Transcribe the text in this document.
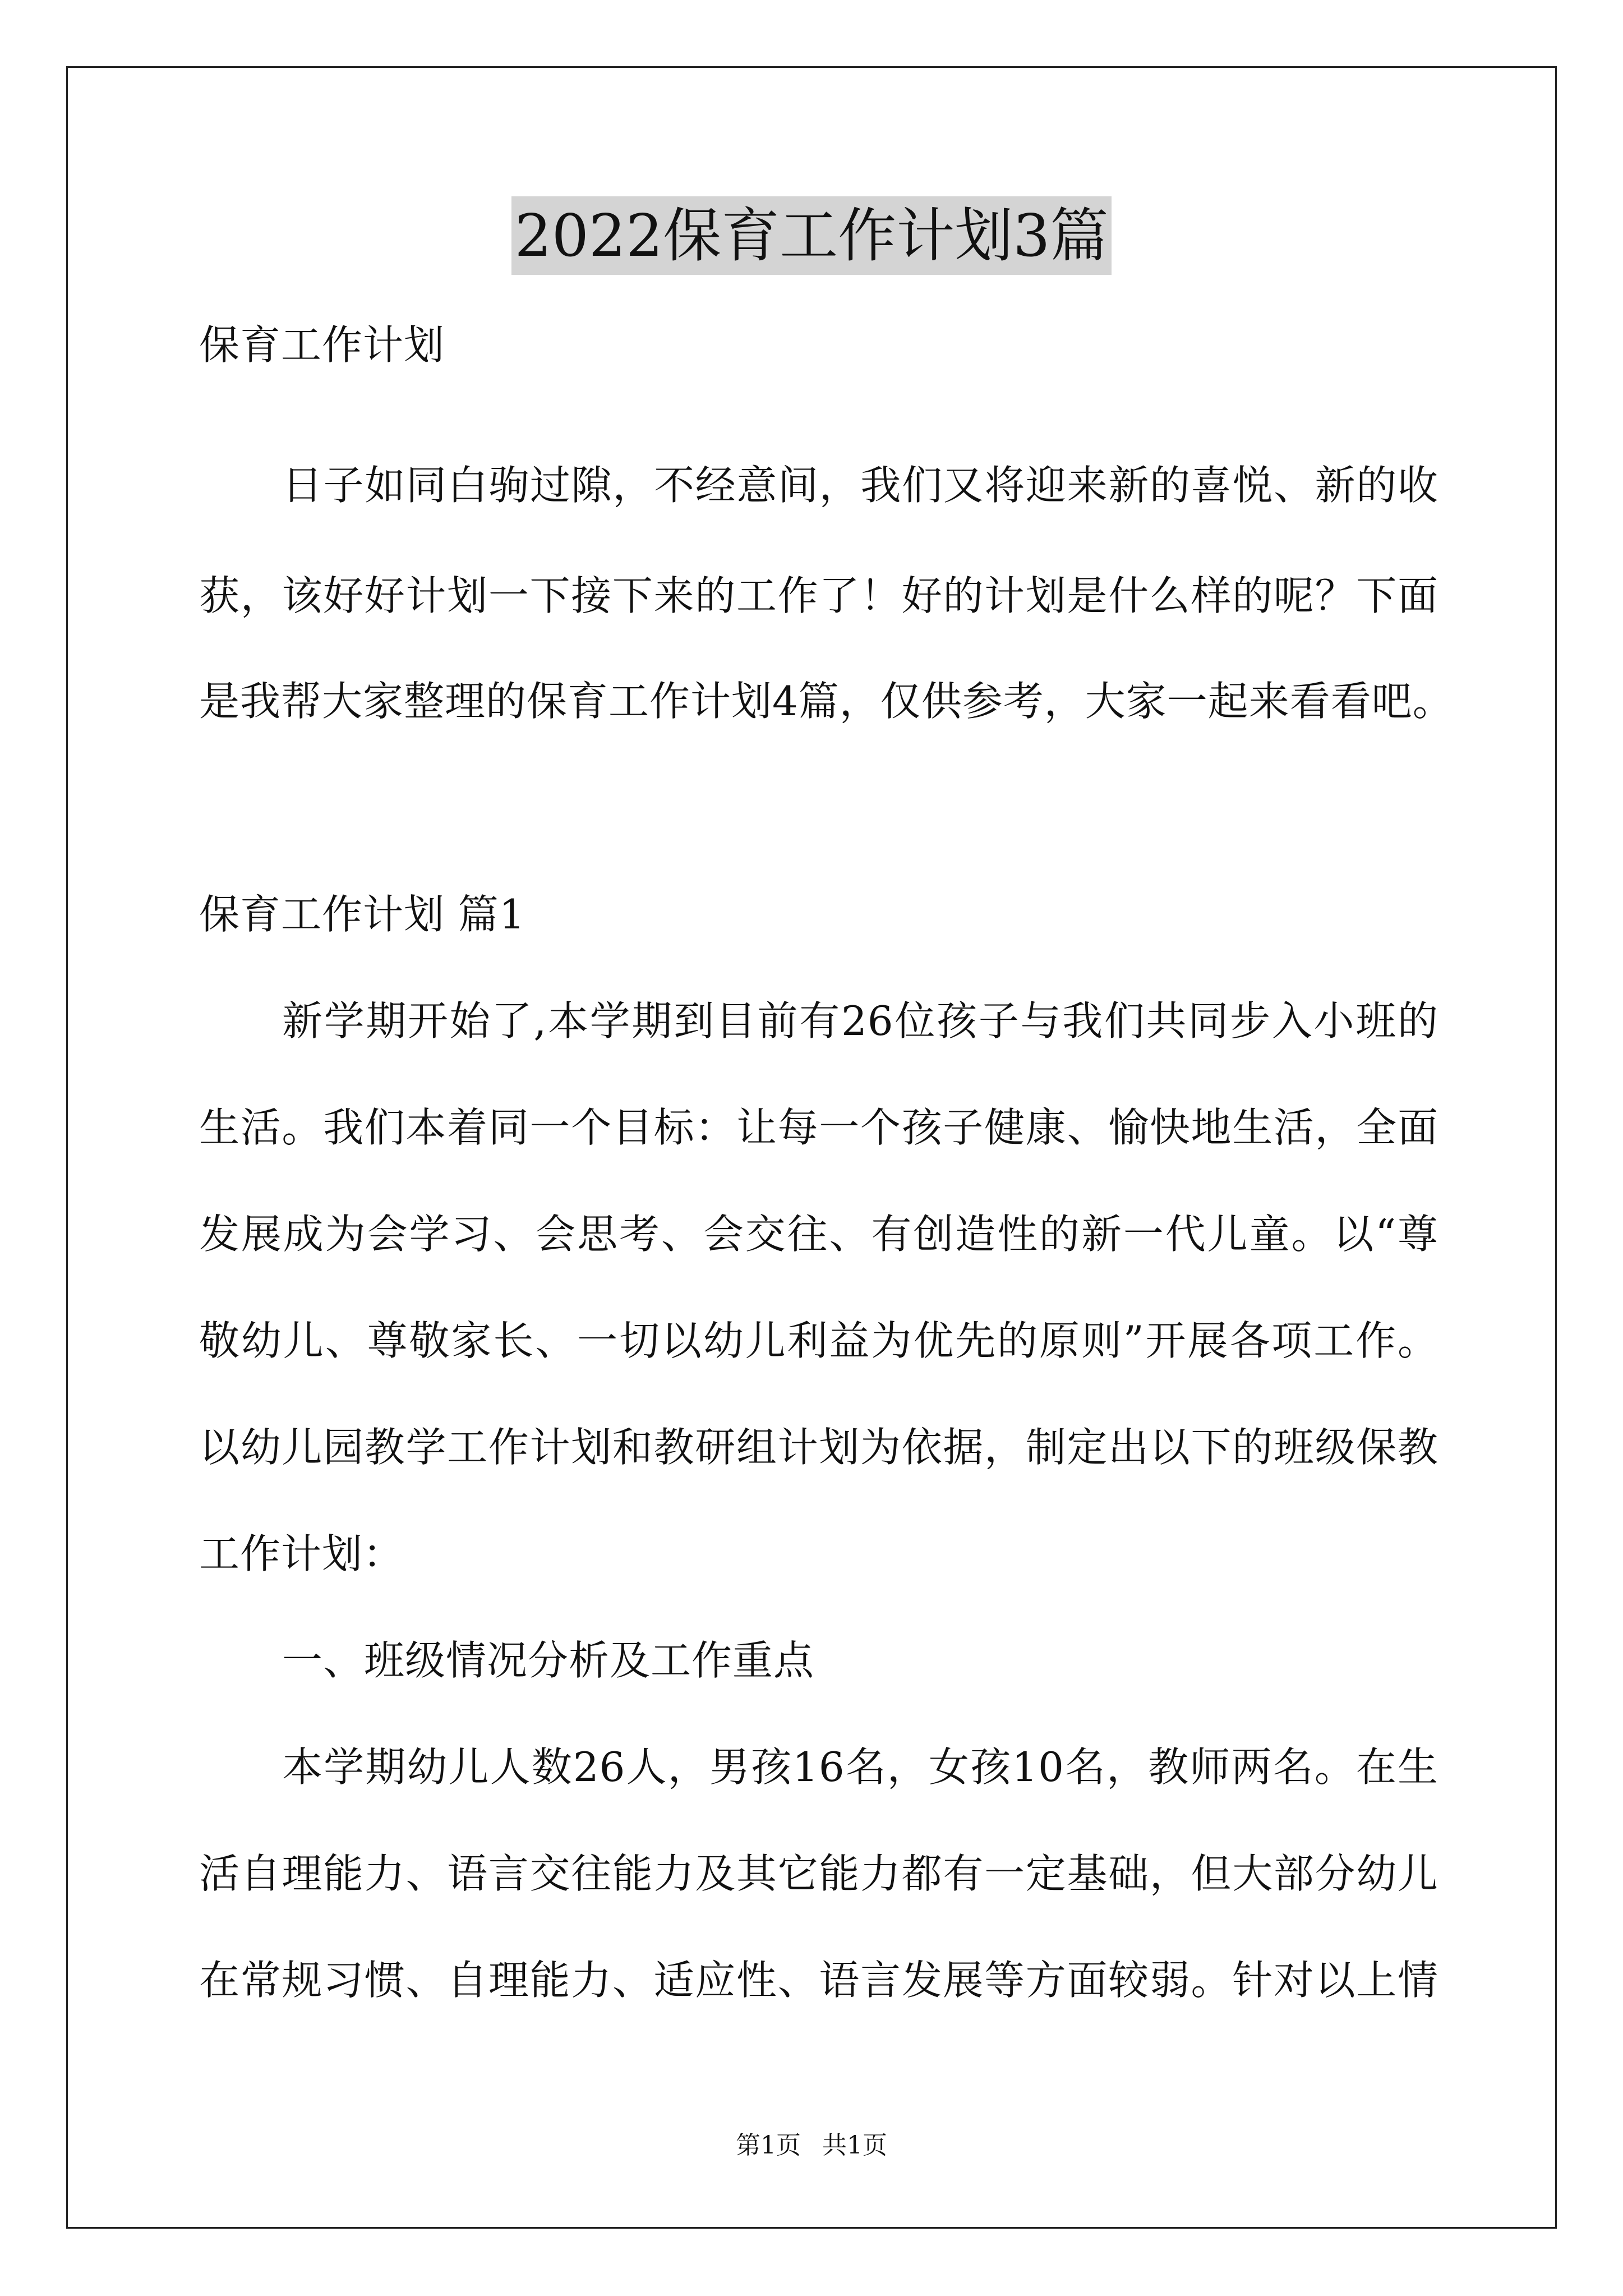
2022保育工作计划3篇
保育工作计划
日子如同白驹过隙，不经意间，我们又将迎来新的喜悦、新的收
获，该好好计划一下接下来的工作了！好的计划是什么样的呢？下面
是我帮大家整理的保育工作计划4篇，仅供参考，大家一起来看看吧。
保育工作计划 篇1
新学期开始了,本学期到目前有26位孩子与我们共同步入小班的
生活。我们本着同一个目标：让每一个孩子健康、愉快地生活，全面
发展成为会学习、会思考、会交往、有创造性的新一代儿童。以“尊
敬幼儿、尊敬家长、一切以幼儿利益为优先的原则”开展各项工作。
以幼儿园教学工作计划和教研组计划为依据，制定出以下的班级保教
工作计划：
一、班级情况分析及工作重点
本学期幼儿人数26人，男孩16名，女孩10名，教师两名。在生
活自理能力、语言交往能力及其它能力都有一定基础，但大部分幼儿
在常规习惯、自理能力、适应性、语言发展等方面较弱。针对以上情
第1页 共1页
